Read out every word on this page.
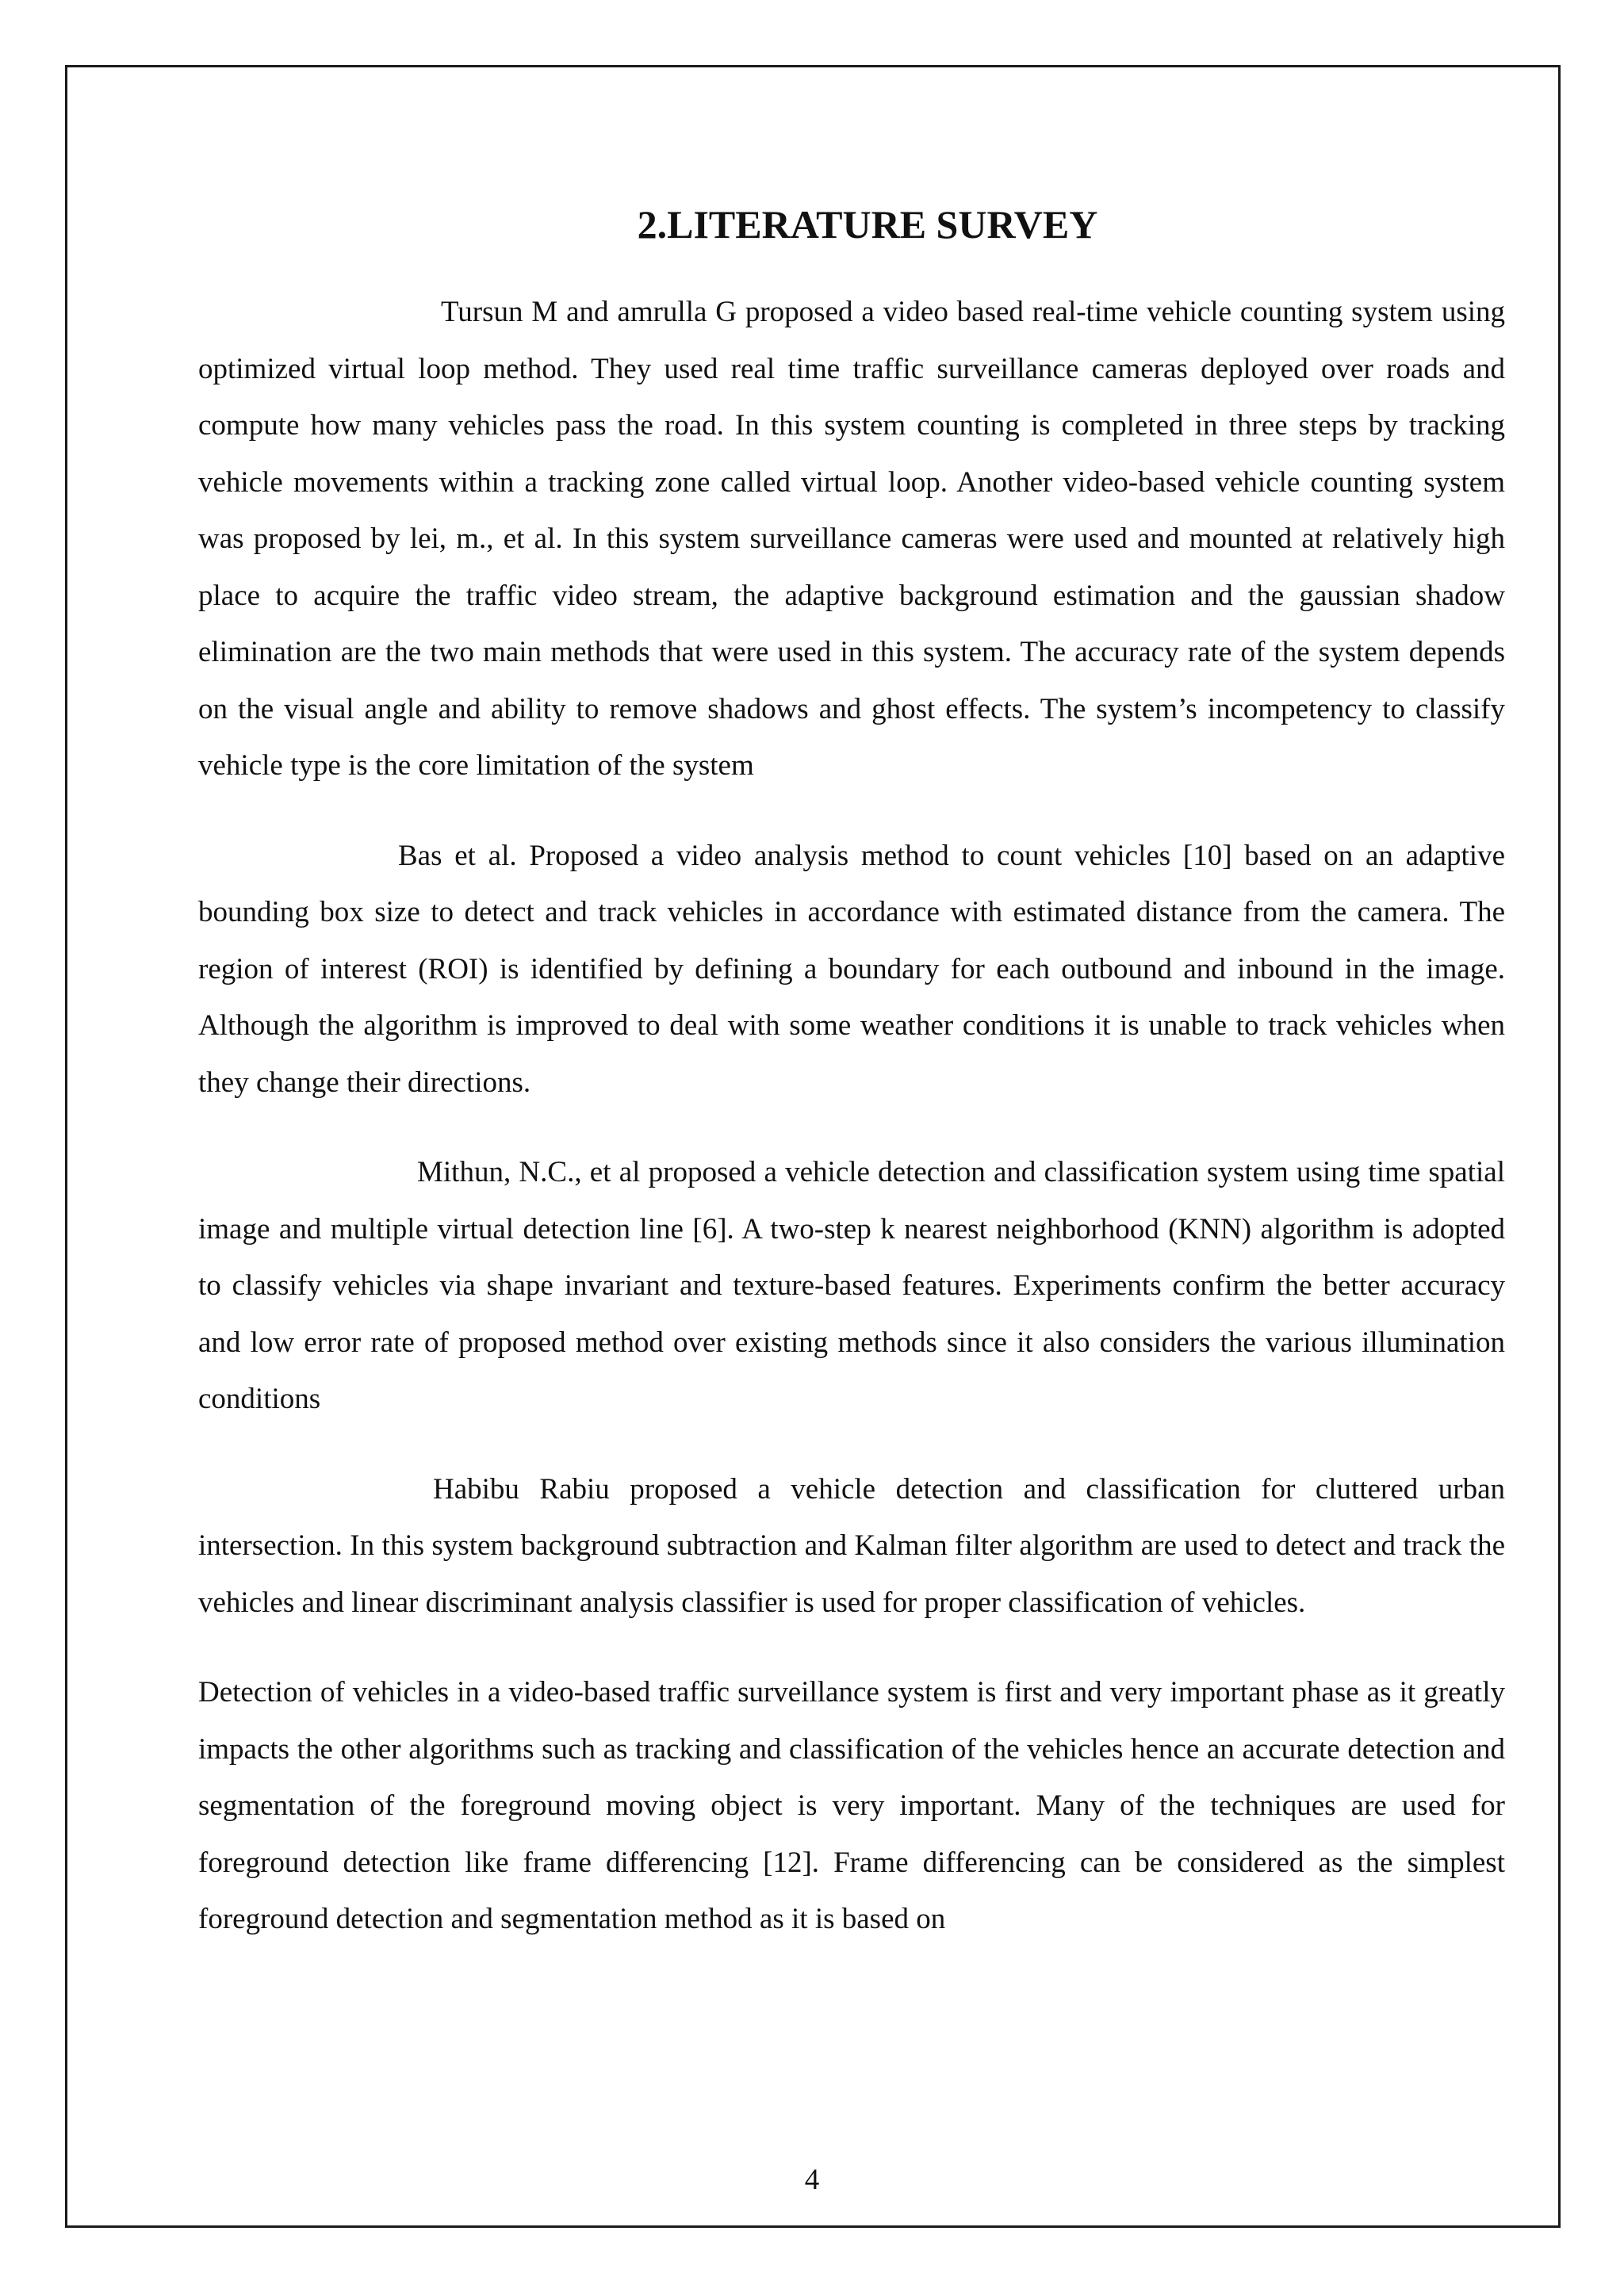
2.LITERATURE SURVEY

Tursun M and amrulla G proposed a video based real-time vehicle counting system using optimized virtual loop method. They used real time traffic surveillance cameras deployed over roads and compute how many vehicles pass the road. In this system counting is completed in three steps by tracking vehicle movements within a tracking zone called virtual loop. Another video-based vehicle counting system was proposed by lei, m., et al. In this system surveillance cameras were used and mounted at relatively high place to acquire the traffic video stream, the adaptive background estimation and the gaussian shadow elimination are the two main methods that were used in this system. The accuracy rate of the system depends on the visual angle and ability to remove shadows and ghost effects. The system’s incompetency to classify vehicle type is the core limitation of the system

Bas et al. Proposed a video analysis method to count vehicles [10] based on an adaptive bounding box size to detect and track vehicles in accordance with estimated distance from the camera. The region of interest (ROI) is identified by defining a boundary for each outbound and inbound in the image. Although the algorithm is improved to deal with some weather conditions it is unable to track vehicles when they change their directions.

Mithun, N.C., et al proposed a vehicle detection and classification system using time spatial image and multiple virtual detection line [6]. A two-step k nearest neighborhood (KNN) algorithm is adopted to classify vehicles via shape invariant and texture-based features. Experiments confirm the better accuracy and low error rate of proposed method over existing methods since it also considers the various illumination conditions

Habibu Rabiu proposed a vehicle detection and classification for cluttered urban intersection. In this system background subtraction and Kalman filter algorithm are used to detect and track the vehicles and linear discriminant analysis classifier is used for proper classification of vehicles.

Detection of vehicles in a video-based traffic surveillance system is first and very important phase as it greatly impacts the other algorithms such as tracking and classification of the vehicles hence an accurate detection and segmentation of the foreground moving object is very important. Many of the techniques are used for foreground detection like frame differencing [12]. Frame differencing can be considered as the simplest foreground detection and segmentation method as it is based on

4
